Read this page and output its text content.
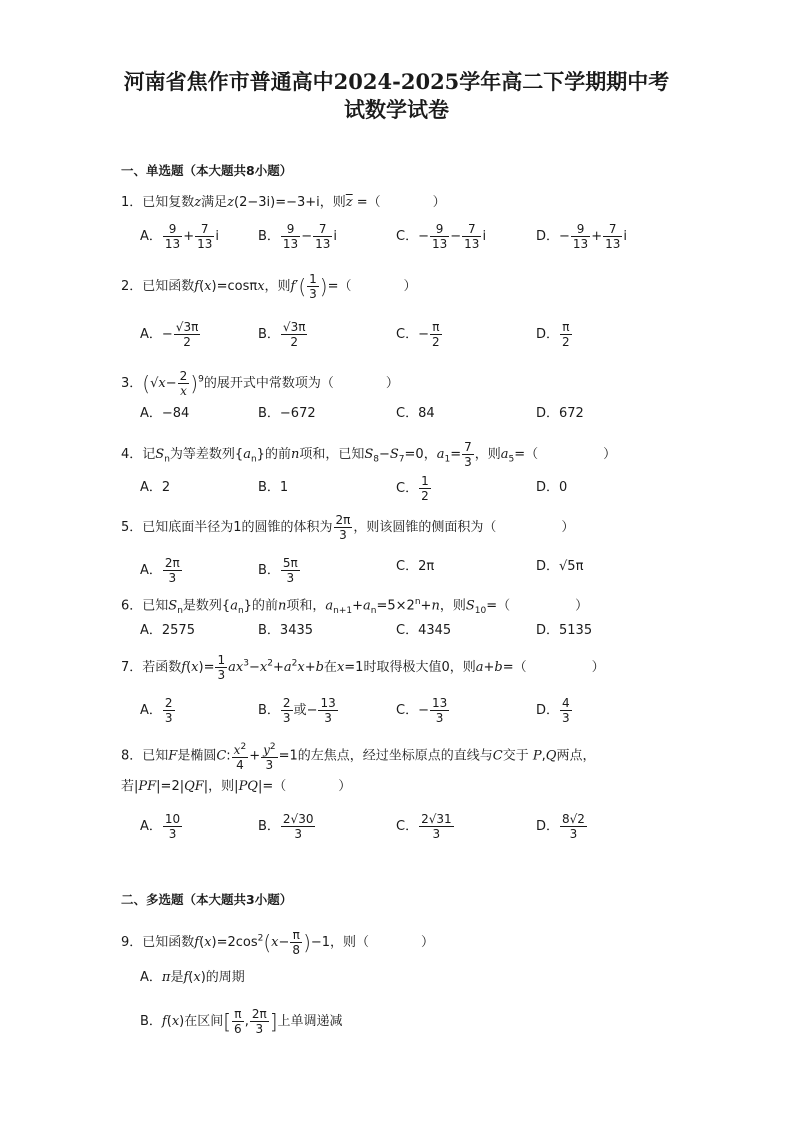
河南省焦作市普通高中2024-2025学年高二下学期期中考
试数学试卷
一、单选题（本大题共8小题）
1．已知复数z满足z(2−3i)=−3+i，则$\overline{z}$ =（　　　　）
A． $\frac{9}{13} + \frac{7}{13}$ i	B． $\frac{9}{13} - \frac{7}{13}$ i	C．− $\frac{9}{13} - \frac{7}{13}$ i	D．− $\frac{9}{13} + \frac{7}{13}$ i
2．已知函数f(x)=cosπx，则$f'( \frac{1}{3}$ )=（　　　　）
A．− $\frac{√3\pi}{2}$	B． $\frac{√3\pi}{2}$	C．− $\frac{\pi}{2}$	D． $\frac{\pi}{2}$
3．$(√x- \frac{2}{x} )^9$的展开式中常数项为（　　　　）
A．−84	B．−672	C．84	D．672
4．记$S_n$为等差数列$\{a_n\}$的前n项和，已知$S_8-S_7=0$，$a_1= \frac{7}{3}$ ，则$a_5=$（　　　　　）
A．2	B．1	C． $\frac{1}{2}$	D．0
5．已知底面半径为1的圆锥的体积为 $\frac{2\pi}{3}$ ，则该圆锥的侧面积为（　　　　　）
A． $\frac{2\pi}{3}$	B． $\frac{5\pi}{3}$	C．2π	D．√5π
6．已知$S_n$是数列$\{a_n\}$的前n项和，$a_{n+1}+a_n=5\times 2^n+n$，则$S_{10}=$（　　　　　）
A．2575	B．3435	C．4345	D．5135
7．若函数$f(x)= \frac{1}{3} ax^3-x^2+a^2x+b$在x=1时取得极大值0，则a+b=（　　　　　）
A． $\frac{2}{3}$	B． $\frac{2}{3}$ 或− $\frac{13}{3}$	C．− $\frac{13}{3}$	D． $\frac{4}{3}$
8．已知F是椭圆C: $\frac{x^2}{4} + \frac{y^2}{3} =1$的左焦点，经过坐标原点的直线与C交于 P,Q两点，
若|PF|=2|QF|，则|PQ|=（　　　　）
A． $\frac{10}{3}$	B． $\frac{2√30}{3}$	C． $\frac{2√31}{3}$	D． $\frac{8√2}{3}$
二、多选题（本大题共3小题）
9．已知函数$f(x)=2\cos^2(x- \frac{\pi}{8} )-1$，则（　　　　）
A．π是f(x)的周期
B．f(x)在区间[ $\frac{\pi}{6}$ , $\frac{2\pi}{3}$ ]上单调递减
